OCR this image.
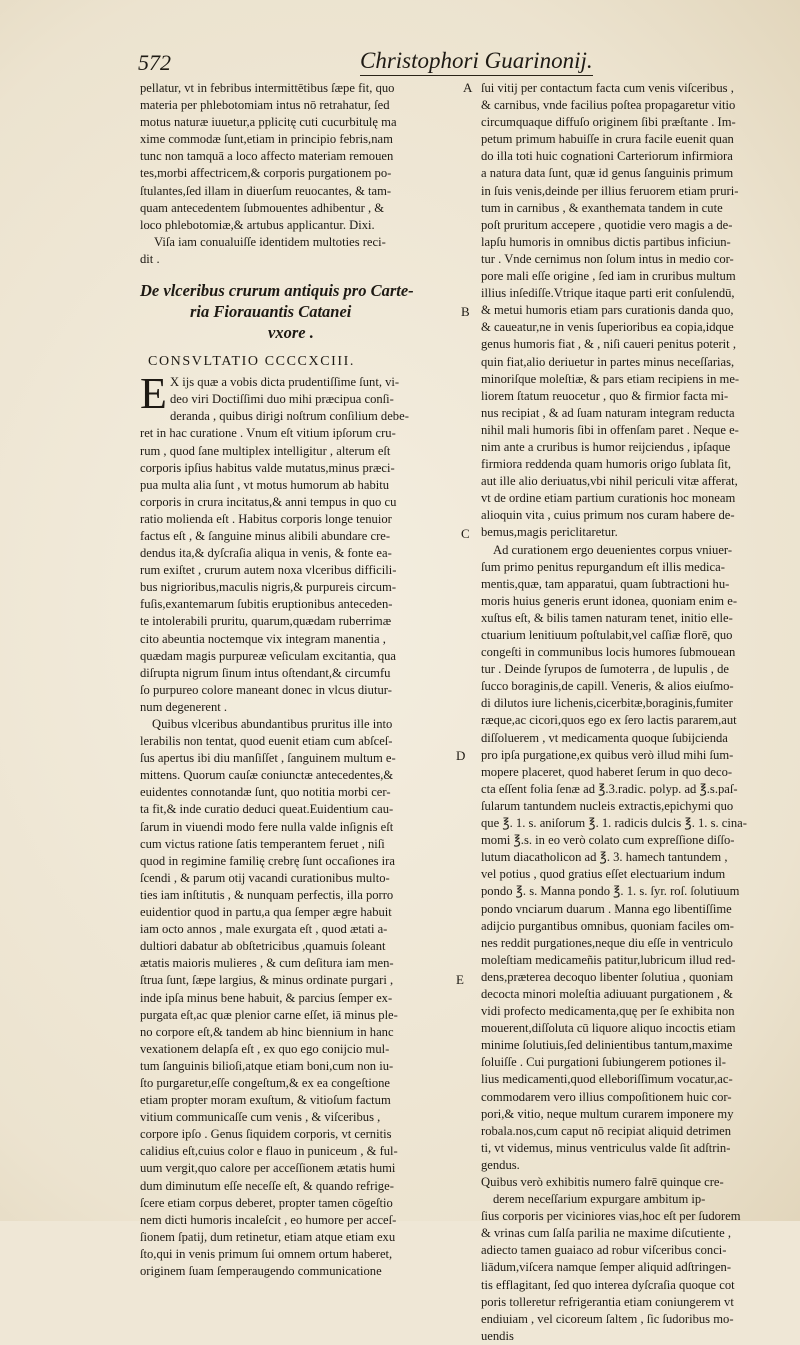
572	Christophori Guarinonij.
A
B
C
D
E
pellatur, vt in febribus intermittētibus ſæpe fit, quo
materia per phlebotomiam intus nō retrahatur, ſed
motus naturæ iuuetur,a pplicitę cuti cucurbitulę ma
xime commodæ ſunt,etiam in principio febris,nam
tunc non tamquā a loco affecto materiam remouen
tes,morbi affectricem,& corporis purgationem po-
ſtulantes,ſed illam in diuerſum reuocantes, & tam-
quam antecedentem ſubmouentes adhibentur , &
loco phlebotomiæ,& artubus applicantur. Dixi.
Viſa iam conualuiſſe identidem multoties reci-
dit .
De vlceribus crurum antiquis pro Carte-
ria Fiorauantis Catanei
vxore .
CONSVLTATIO CCCCXCIII.
E X ijs quæ a vobis dicta prudentiſſime ſunt, vi-
deo viri Doctiſſimi duo mihi præcipua conſi-
deranda , quibus dirigi noſtrum conſilium debe-
ret in hac curatione . Vnum eſt vitium ipſorum cru-
rum , quod ſane multiplex intelligitur , alterum eſt
corporis ipſius habitus valde mutatus,minus præci-
pua multa alia ſunt , vt motus humorum ab habitu
corporis in crura incitatus,& anni tempus in quo cu
ratio molienda eſt . Habitus corporis longe tenuior
factus eſt , & ſanguine minus alibili abundare cre-
dendus ita,& dyſcraſia aliqua in venis, & fonte ea-
rum exiſtet , crurum autem noxa vlceribus difficili-
bus nigrioribus,maculis nigris,& purpureis circum-
fuſis,exantemarum ſubitis eruptionibus anteceden-
te intolerabili pruritu, quarum,quædam ruberrimæ
cito abeuntia noctemque vix integram manentia ,
quædam magis purpureæ veſiculam excitantia, qua
diſrupta nigrum ſinum intus oſtendant,& circumfu
ſo purpureo colore maneant donec in vlcus diutur-
num degenerent .
Quibus vlceribus abundantibus pruritus ille into
lerabilis non tentat, quod euenit etiam cum abſceſ-
ſus apertus ibi diu manſiſſet , ſanguinem multum e-
mittens. Quorum cauſæ coniunctæ antecedentes,&
euidentes connotandæ ſunt, quo notitia morbi cer-
ta fit,& inde curatio deduci queat.Euidentium cau-
ſarum in viuendi modo fere nulla valde inſignis eſt
cum victus ratione ſatis temperantem feruet , niſi
quod in regimine familię crebrę ſunt occaſiones ira
ſcendi , & parum otij vacandi curationibus multo-
ties iam inſtitutis , & nunquam perfectis, illa porro
euidentior quod in partu,a qua ſemper ægre habuit
iam octo annos , male exurgata eſt , quod ætati a-
dultiori dabatur ab obſtetricibus ,quamuis ſoleant
ætatis maioris mulieres , & cum deſitura iam men-
ſtrua ſunt, ſæpe largius, & minus ordinate purgari ,
inde ipſa minus bene habuit, & parcius ſemper ex-
purgata eſt,ac quæ plenior carne eſſet, iā minus ple-
no corpore eſt,& tandem ab hinc biennium in hanc
vexationem delapſa eſt , ex quo ego conijcio mul-
tum ſanguinis bilioſi,atque etiam boni,cum non iu-
ſto purgaretur,eſſe congeſtum,& ex ea congeſtione
etiam propter moram exuſtum, & vitioſum factum
vitium communicaſſe cum venis , & viſceribus ,
corpore ipſo . Genus ſiquidem corporis, vt cernitis
calidius eſt,cuius color e flauo in puniceum , & ful-
uum vergit,quo calore per acceſſionem ætatis humi
dum diminutum eſſe neceſſe eſt, & quando refrige-
ſcere etiam corpus deberet, propter tamen cōgeſtio
nem dicti humoris incaleſcit , eo humore per acceſ-
ſionem ſpatij, dum retinetur, etiam atque etiam exu
ſto,qui in venis primum ſui omnem ortum haberet,
originem ſuam ſemperaugendo communicatione
ſui vitij per contactum facta cum venis viſceribus ,
& carnibus, vnde facilius poſtea propagaretur vitio
circumquaque diffuſo originem ſibi præſtante . Im-
petum primum habuiſſe in crura facile euenit quan
do illa toti huic cognationi Carteriorum infirmiora
a natura data ſunt, quæ id genus ſanguinis primum
in ſuis venis,deinde per illius feruorem etiam pruri-
tum in carnibus , & exanthemata tandem in cute
poſt pruritum accepere , quotidie vero magis a de-
lapſu humoris in omnibus dictis partibus inficiun-
tur . Vnde cernimus non ſolum intus in medio cor-
pore mali eſſe origine , ſed iam in cruribus multum
illius inſediſſe.Vtrique itaque parti erit conſulendū,
& metui humoris etiam pars curationis danda quo,
& caueatur,ne in venis ſuperioribus ea copia,idque
genus humoris fiat , & , niſi caueri penitus poterit ,
quin fiat,alio deriuetur in partes minus neceſſarias,
minoriſque moleſtiæ, & pars etiam recipiens in me-
liorem ſtatum reuocetur , quo & firmior facta mi-
nus recipiat , & ad ſuam naturam integram reducta
nihil mali humoris ſibi in offenſam paret . Neque e-
nim ante a cruribus is humor reijciendus , ipſaque
firmiora reddenda quam humoris origo ſublata ſit,
aut ille alio deriuatus,vbi nihil periculi vitæ afferat,
vt de ordine etiam partium curationis hoc moneam
alioquin vita , cuius primum nos curam habere de-
bemus,magis periclitaretur.
Ad curationem ergo deuenientes corpus vniuer-
ſum primo penitus repurgandum eſt illis medica-
mentis,quæ, tam apparatui, quam ſubtractioni hu-
moris huius generis erunt idonea, quoniam enim e-
xuſtus eſt, & bilis tamen naturam tenet, initio elle-
ctuarium lenitiuum poſtulabit,vel caſſiæ florē, quo
congeſti in communibus locis humores ſubmouean
tur . Deinde ſyrupos de ſumoterra , de lupulis , de
ſucco boraginis,de capill. Veneris, & alios eiuſmo-
di dilutos iure lichenis,cicerbitæ,boraginis,fumiter
ræque,ac cicori,quos ego ex ſero lactis pararem,aut
diſſoluerem , vt medicamenta quoque ſubijcienda
pro ipſa purgatione,ex quibus verò illud mihi ſum-
mopere placeret, quod haberet ſerum in quo deco-
cta eſſent folia ſenæ ad ℥.3.radic. polyp. ad ℥.s.paſ-
ſularum tantundem nucleis extractis,epichymi quo
que ℥. 1. s. aniſorum ℥. 1. radicis dulcis ℥. 1. s. cina-
momi ℥.s. in eo verò colato cum expreſſione diſſo-
lutum diacatholicon ad ℥. 3. hamech tantundem ,
vel potius , quod gratius eſſet electuarium indum
pondo ℥. s. Manna pondo ℥. 1. s. ſyr. roſ. ſolutiuum
pondo vnciarum duarum . Manna ego libentiſſime
adijcio purgantibus omnibus, quoniam faciles om-
nes reddit purgationes,neque diu eſſe in ventriculo
moleſtiam medicameñis patitur,lubricum illud red-
dens,præterea decoquo libenter ſolutiua , quoniam
decocta minori moleſtia adiuuant purgationem , &
vidi profecto medicamenta,quę per ſe exhibita non
mouerent,diſſoluta cū liquore aliquo incoctis etiam
minime ſolutiuis,ſed delinientibus tantum,maxime
ſoluiſſe . Cui purgationi ſubiungerem potiones il-
lius medicamenti,quod elleboriſſimum vocatur,ac-
commodarem vero illius compoſitionem huic cor-
pori,& vitio, neque multum curarem imponere my
robala.nos,cum caput nō recipiat aliquid detrimen
ti, vt videmus, minus ventriculus valde ſit adſtrin-
gendus.
Quibus verò exhibitis numero falrē quinque cre-
derem neceſſarium expurgare ambitum ip-
ſius corporis per viciniores vias,hoc eſt per ſudorem
& vrinas cum ſalſa parilia ne maxime diſcutiente ,
adiecto tamen guaiaco ad robur viſceribus conci-
liādum,viſcera namque ſemper aliquid adſtringen-
tis efflagitant, ſed quo interea dyſcraſia quoque cot
poris tolleretur refrigerantia etiam coniungerem vt
endiuiam , vel cicoreum ſaltem , ſic ſudoribus mo-
uendis
